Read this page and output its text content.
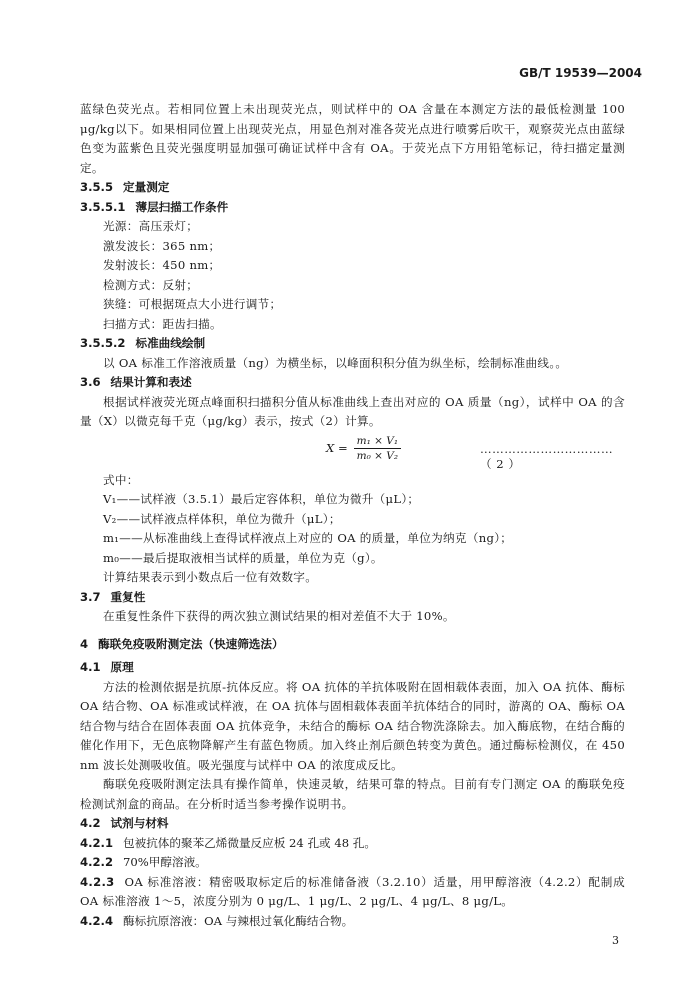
GB/T 19539—2004

蓝绿色荧光点。若相同位置上未出现荧光点，则试样中的 OA 含量在本测定方法的最低检测量 100 μg/kg以下。如果相同位置上出现荧光点，用显色剂对准各荧光点进行喷雾后吹干，观察荧光点由蓝绿色变为蓝紫色且荧光强度明显加强可确证试样中含有 OA。于荧光点下方用铅笔标记，待扫描定量测定。

3.5.5 定量测定
3.5.5.1 薄层扫描工作条件

光源：高压汞灯；

激发波长：365 nm；

发射波长：450 nm；

检测方式：反射；

狭缝：可根据斑点大小进行调节；

扫描方式：距齿扫描。

3.5.5.2 标准曲线绘制

以 OA 标准工作溶液质量（ng）为横坐标，以峰面积积分值为纵坐标，绘制标准曲线。。

3.6 结果计算和表述

根据试样液荧光斑点峰面积扫描积分值从标准曲线上查出对应的 OA 质量（ng），试样中 OA 的含量（X）以微克每千克（μg/kg）表示，按式（2）计算。

$X = \frac{\text{m₁ × V₁}}{\text{m₀ × V₂}}$	……………………………（ 2 ）

式中：

V₁——试样液（3.5.1）最后定容体积，单位为微升（μL）；

V₂——试样液点样体积，单位为微升（μL）；

m₁——从标准曲线上查得试样液点上对应的 OA 的质量，单位为纳克（ng）；

m₀——最后提取液相当试样的质量，单位为克（g）。

计算结果表示到小数点后一位有效数字。

3.7 重复性

在重复性条件下获得的两次独立测试结果的相对差值不大于 10%。

4 酶联免疫吸附测定法（快速筛选法）
4.1 原理

方法的检测依据是抗原-抗体反应。将 OA 抗体的羊抗体吸附在固相载体表面，加入 OA 抗体、酶标 OA 结合物、OA 标准或试样液，在 OA 抗体与固相载体表面羊抗体结合的同时，游离的 OA、酶标 OA 结合物与结合在固体表面 OA 抗体竞争，未结合的酶标 OA 结合物洗涤除去。加入酶底物，在结合酶的催化作用下，无色底物降解产生有蓝色物质。加入终止剂后颜色转变为黄色。通过酶标检测仪，在 450 nm 波长处测吸收值。吸光强度与试样中 OA 的浓度成反比。

酶联免疫吸附测定法具有操作简单，快速灵敏，结果可靠的特点。目前有专门测定 OA 的酶联免疫检测试剂盒的商品。在分析时适当参考操作说明书。

4.2 试剂与材料
4.2.1 包被抗体的聚苯乙烯微量反应板 24 孔或 48 孔。
4.2.2 70%甲醇溶液。

4.2.3 OA 标准溶液：精密吸取标定后的标准储备液（3.2.10）适量，用甲醇溶液（4.2.2）配制成 OA 标准溶液 1～5，浓度分别为 0 μg/L、1 μg/L、2 μg/L、4 μg/L、8 μg/L。

4.2.4 酶标抗原溶液：OA 与辣根过氧化酶结合物。
3
